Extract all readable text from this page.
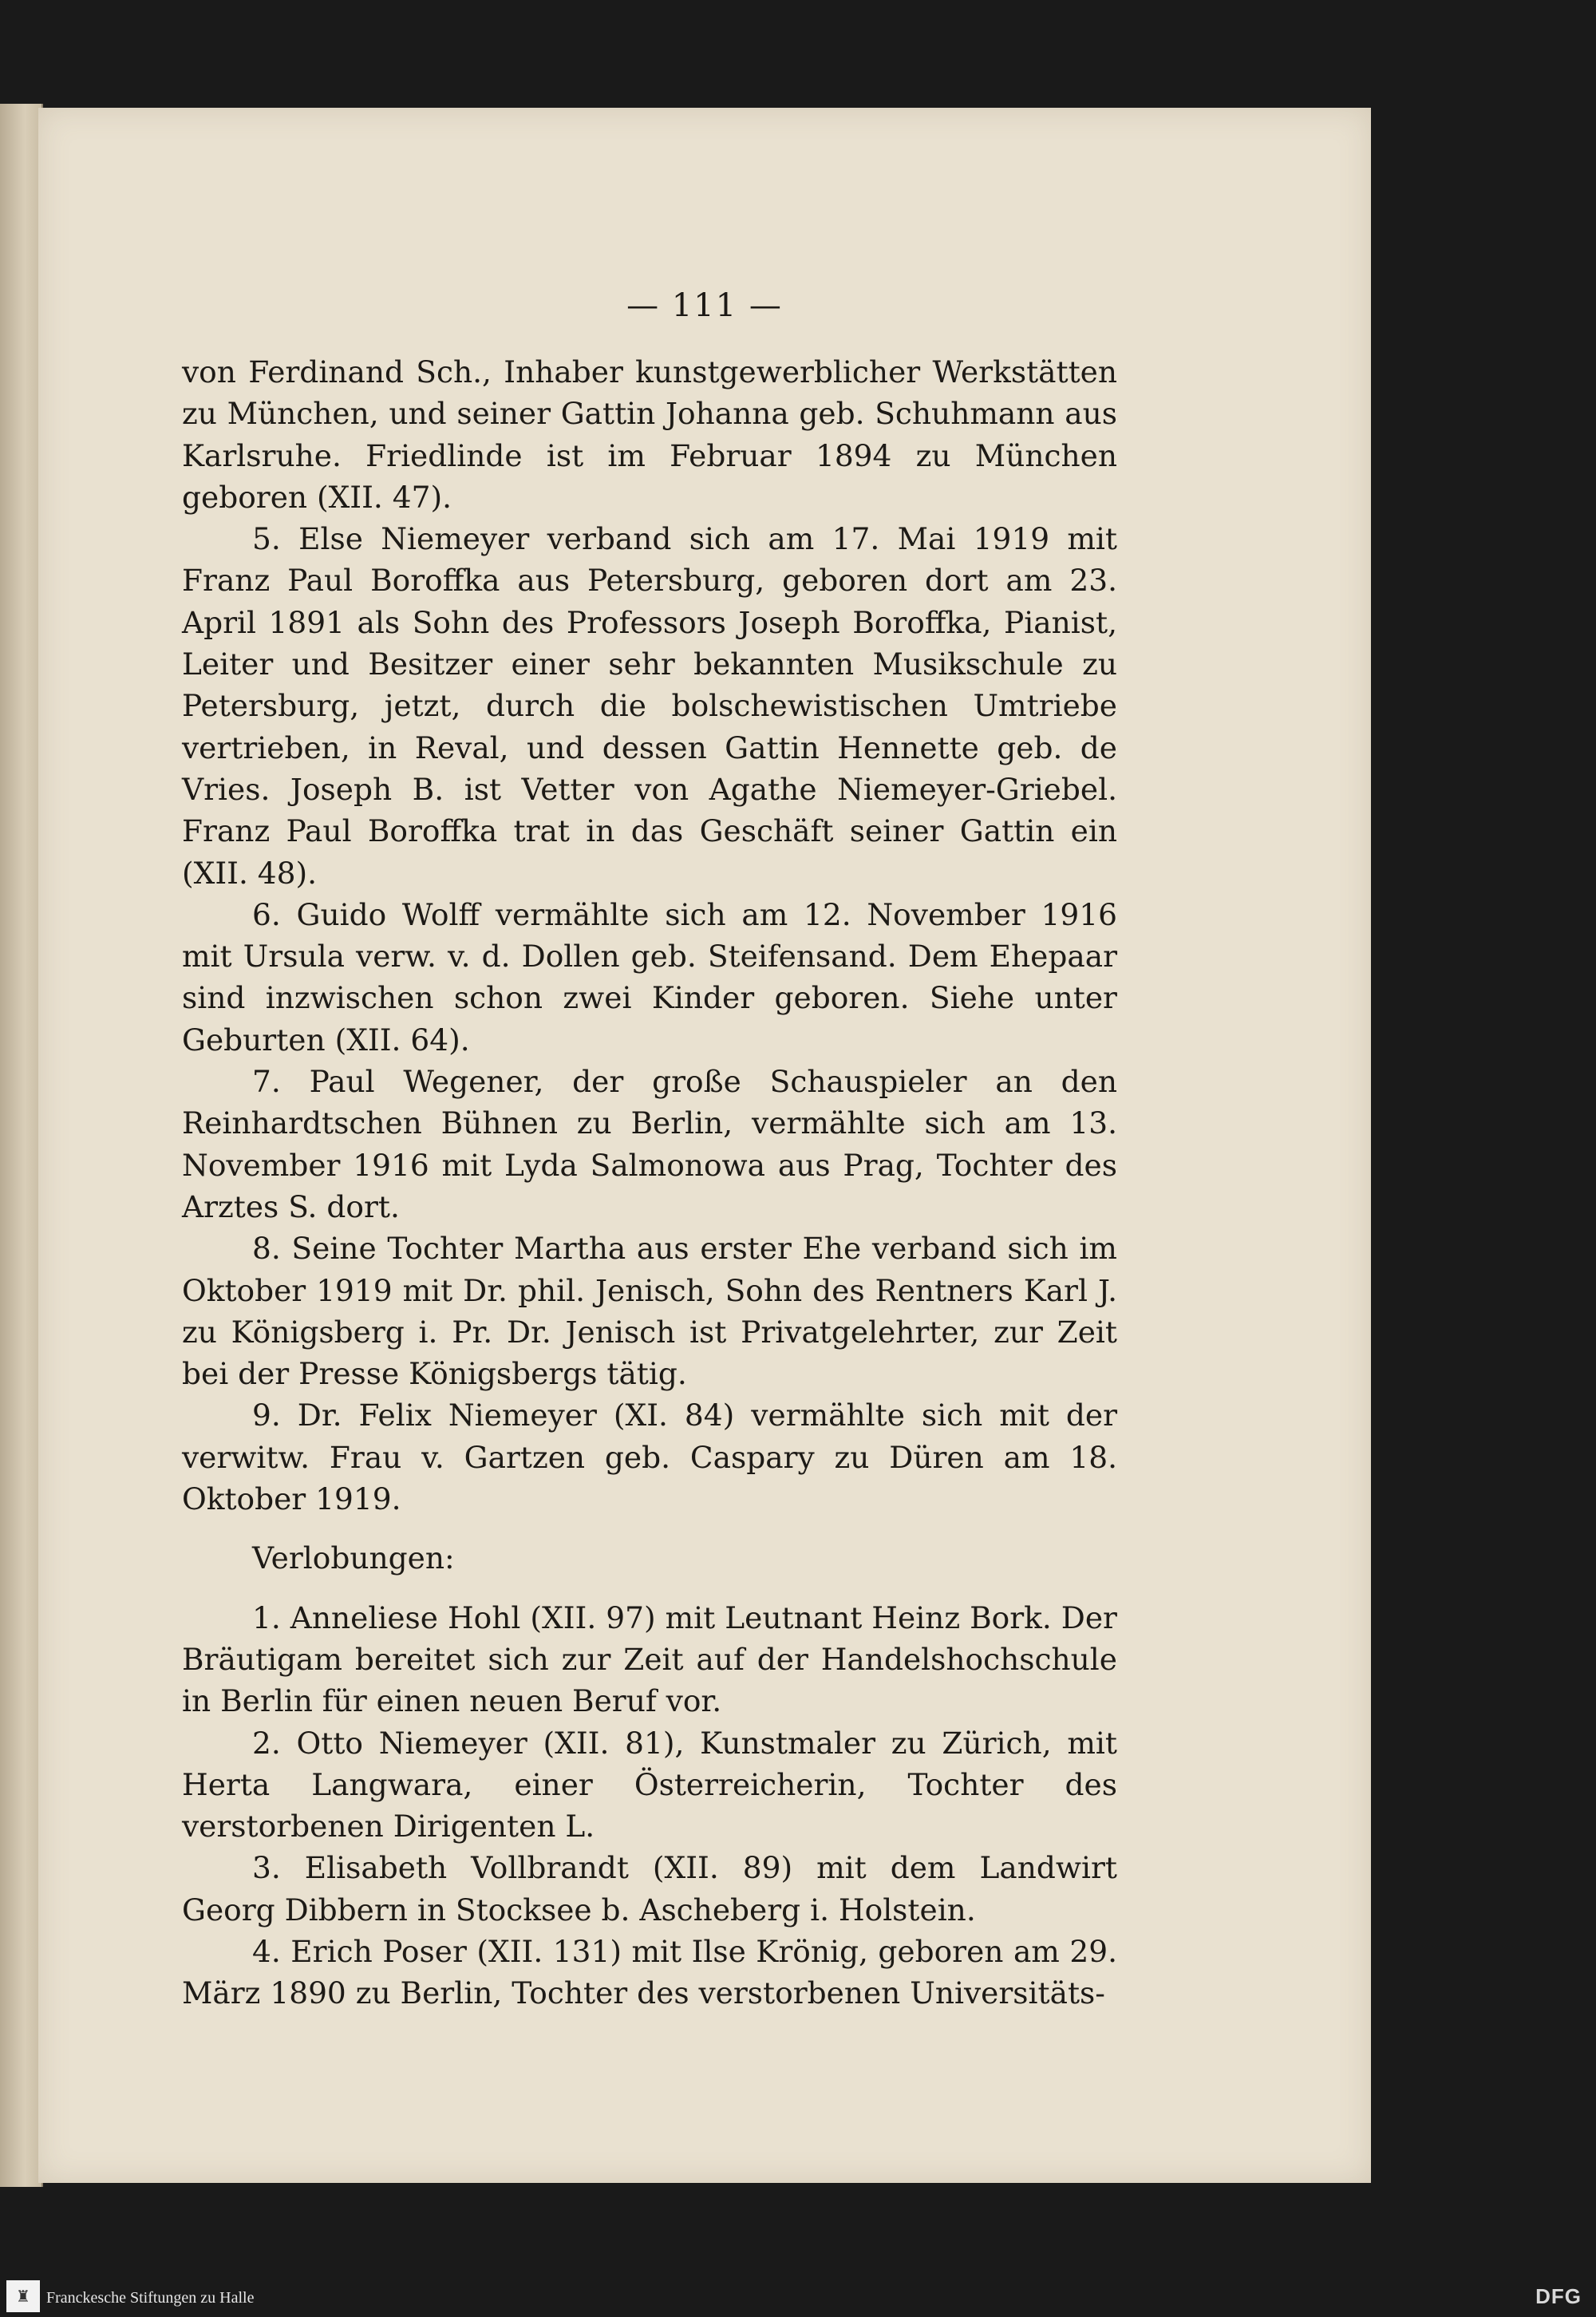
— 111 —

von Ferdinand Sch., Inhaber kunstgewerblicher Werkstätten zu München, und seiner Gattin Johanna geb. Schuhmann aus Karlsruhe. Friedlinde ist im Februar 1894 zu München geboren (XII. 47).

5. Else Niemeyer verband sich am 17. Mai 1919 mit Franz Paul Boroffka aus Petersburg, geboren dort am 23. April 1891 als Sohn des Professors Joseph Boroffka, Pianist, Leiter und Besitzer einer sehr bekannten Musikschule zu Petersburg, jetzt, durch die bolschewistischen Umtriebe vertrieben, in Reval, und dessen Gattin Hennette geb. de Vries. Joseph B. ist Vetter von Agathe Niemeyer-Griebel. Franz Paul Boroffka trat in das Geschäft seiner Gattin ein (XII. 48).

6. Guido Wolff vermählte sich am 12. November 1916 mit Ursula verw. v. d. Dollen geb. Steifensand. Dem Ehepaar sind inzwischen schon zwei Kinder geboren. Siehe unter Geburten (XII. 64).

7. Paul Wegener, der große Schauspieler an den Reinhardtschen Bühnen zu Berlin, vermählte sich am 13. November 1916 mit Lyda Salmonowa aus Prag, Tochter des Arztes S. dort.

8. Seine Tochter Martha aus erster Ehe verband sich im Oktober 1919 mit Dr. phil. Jenisch, Sohn des Rentners Karl J. zu Königsberg i. Pr. Dr. Jenisch ist Privatgelehrter, zur Zeit bei der Presse Königsbergs tätig.

9. Dr. Felix Niemeyer (XI. 84) vermählte sich mit der verwitw. Frau v. Gartzen geb. Caspary zu Düren am 18. Oktober 1919.

Verlobungen:

1. Anneliese Hohl (XII. 97) mit Leutnant Heinz Bork. Der Bräutigam bereitet sich zur Zeit auf der Handelshochschule in Berlin für einen neuen Beruf vor.

2. Otto Niemeyer (XII. 81), Kunstmaler zu Zürich, mit Herta Langwara, einer Österreicherin, Tochter des verstorbenen Dirigenten L.

3. Elisabeth Vollbrandt (XII. 89) mit dem Landwirt Georg Dibbern in Stocksee b. Ascheberg i. Holstein.

4. Erich Poser (XII. 131) mit Ilse Krönig, geboren am 29. März 1890 zu Berlin, Tochter des verstorbenen Universitäts-

♜	Franckesche Stiftungen zu Halle	DFG
